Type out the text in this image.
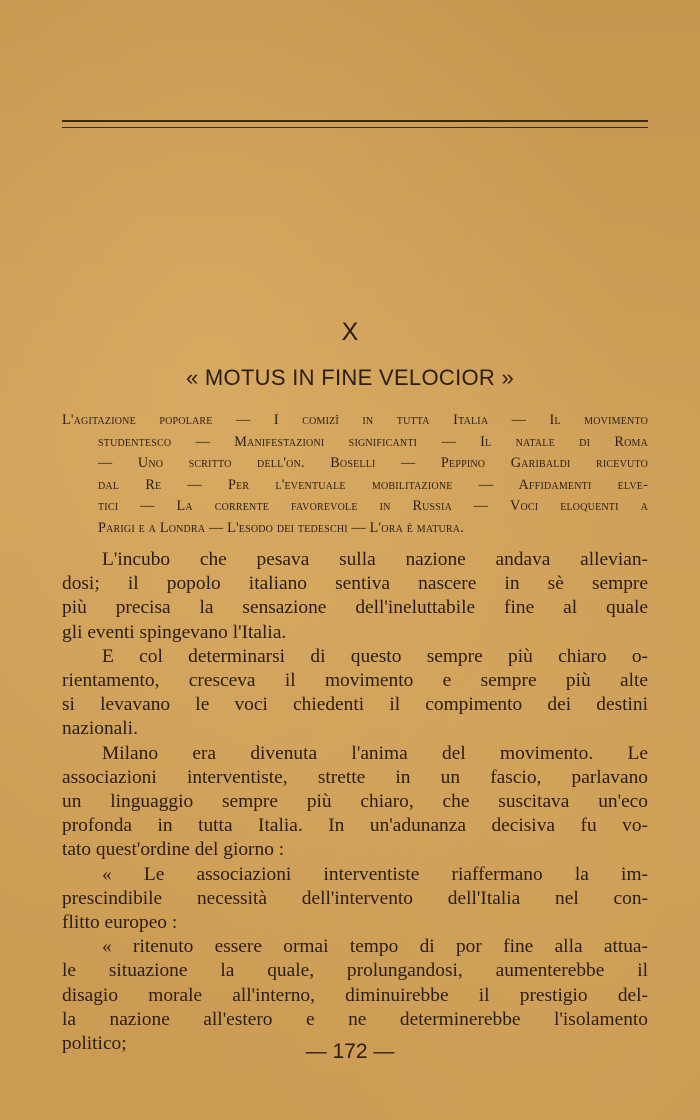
X
« MOTUS IN FINE VELOCIOR »
L'agitazione popolare — I comizî in tutta Italia — Il movimento
studentesco — Manifestazioni significanti — Il natale di Roma
— Uno scritto dell'on. Boselli — Peppino Garibaldi ricevuto
dal Re — Per l'eventuale mobilitazione — Affidamenti elve-
tici — La corrente favorevole in Russia — Voci eloquenti a
Parigi e a Londra — L'esodo dei tedeschi — L'ora è matura.
L'incubo che pesava sulla nazione andava allevian-
dosi; il popolo italiano sentiva nascere in sè sempre
più precisa la sensazione dell'ineluttabile fine al quale
gli eventi spingevano l'Italia.
E col determinarsi di questo sempre più chiaro o-
rientamento, cresceva il movimento e sempre più alte
si levavano le voci chiedenti il compimento dei destini
nazionali.
Milano era divenuta l'anima del movimento. Le
associazioni interventiste, strette in un fascio, parlavano
un linguaggio sempre più chiaro, che suscitava un'eco
profonda in tutta Italia. In un'adunanza decisiva fu vo-
tato quest'ordine del giorno :
« Le associazioni interventiste riaffermano la im-
prescindibile necessità dell'intervento dell'Italia nel con-
flitto europeo :
« ritenuto essere ormai tempo di por fine alla attua-
le situazione la quale, prolungandosi, aumenterebbe il
disagio morale all'interno, diminuirebbe il prestigio del-
la nazione all'estero e ne determinerebbe l'isolamento
politico;	— 172 —
